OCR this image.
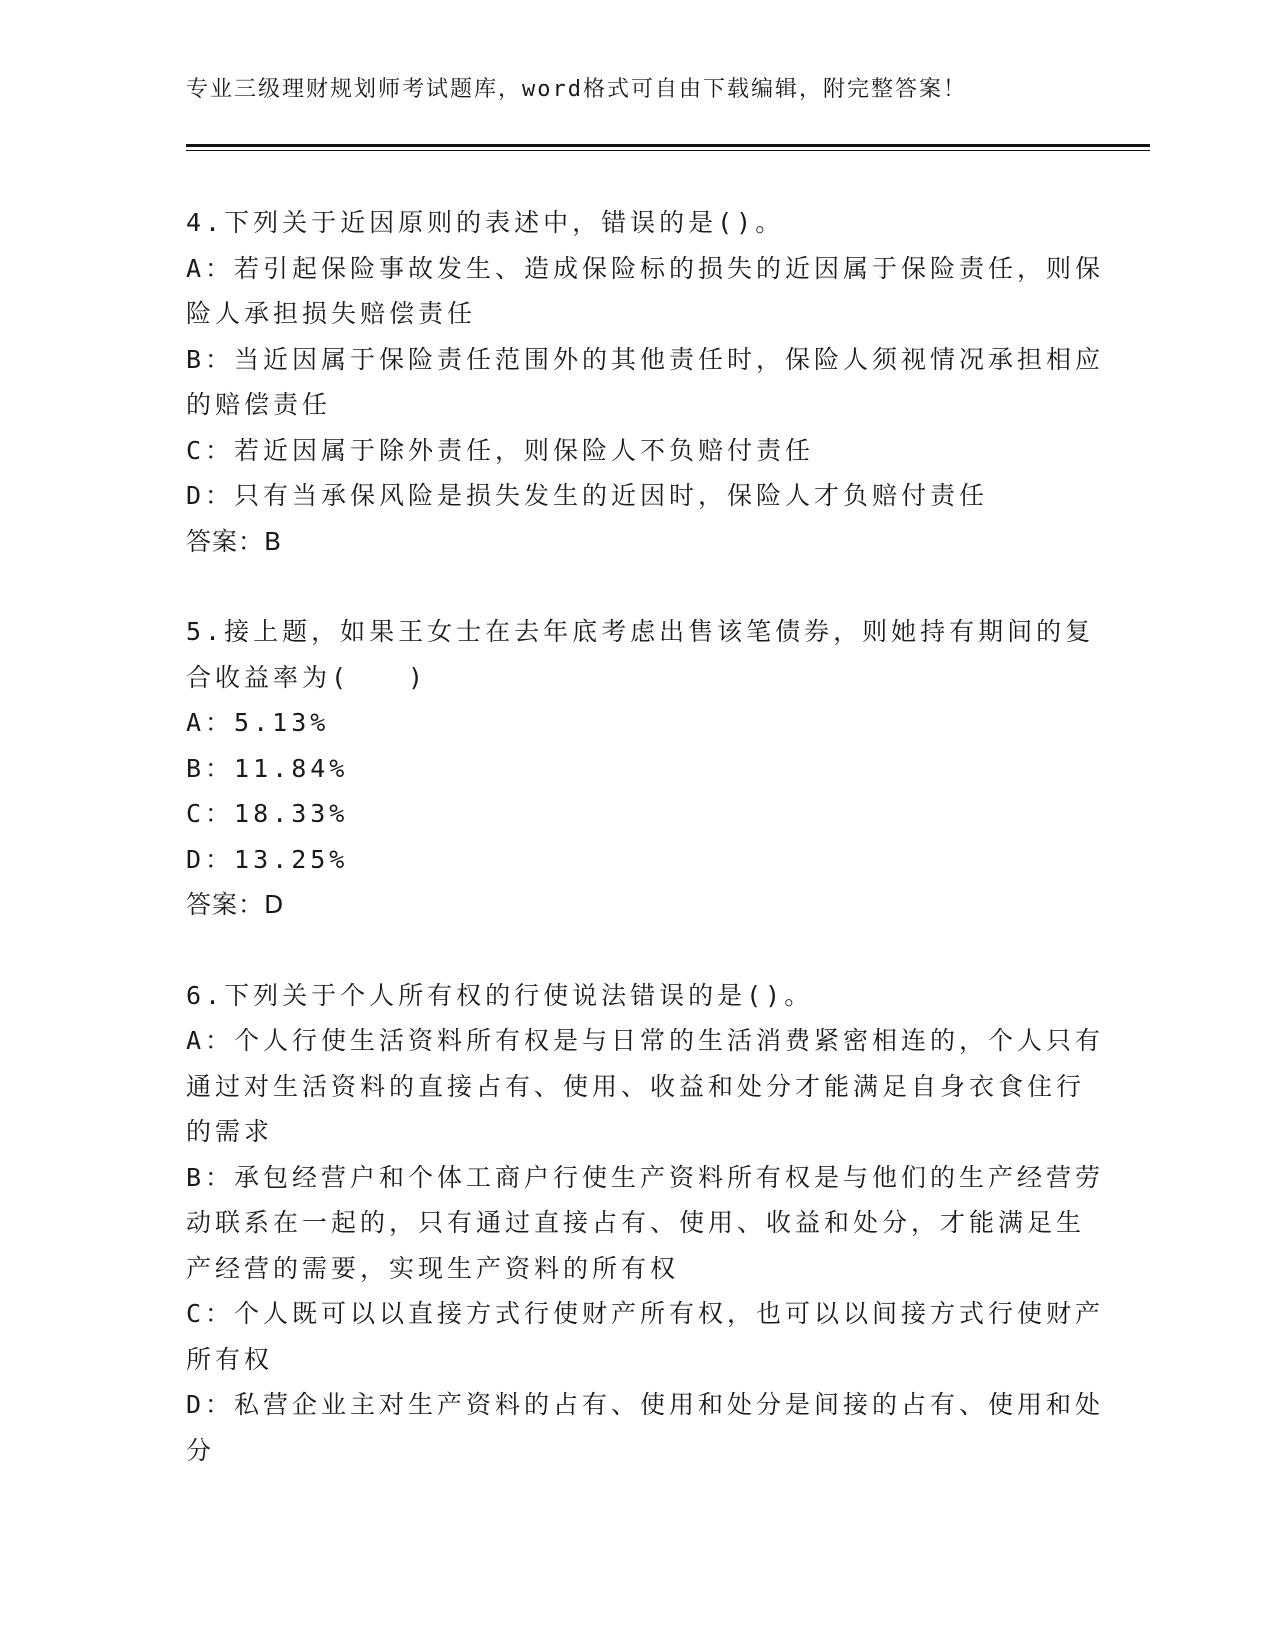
专业三级理财规划师考试题库，word格式可自由下载编辑，附完整答案！
4.下列关于近因原则的表述中，错误的是()。
A：若引起保险事故发生、造成保险标的损失的近因属于保险责任，则保险人承担损失赔偿责任
B：当近因属于保险责任范围外的其他责任时，保险人须视情况承担相应的赔偿责任
C：若近因属于除外责任，则保险人不负赔付责任
D：只有当承保风险是损失发生的近因时，保险人才负赔付责任
答案：B
5.接上题，如果王女士在去年底考虑出售该笔债券，则她持有期间的复合收益率为(　　)
A：5.13%
B：11.84%
C：18.33%
D：13.25%
答案：D
6.下列关于个人所有权的行使说法错误的是()。
A：个人行使生活资料所有权是与日常的生活消费紧密相连的，个人只有通过对生活资料的直接占有、使用、收益和处分才能满足自身衣食住行的需求
B：承包经营户和个体工商户行使生产资料所有权是与他们的生产经营劳动联系在一起的，只有通过直接占有、使用、收益和处分，才能满足生产经营的需要，实现生产资料的所有权
C：个人既可以以直接方式行使财产所有权，也可以以间接方式行使财产所有权
D：私营企业主对生产资料的占有、使用和处分是间接的占有、使用和处分
